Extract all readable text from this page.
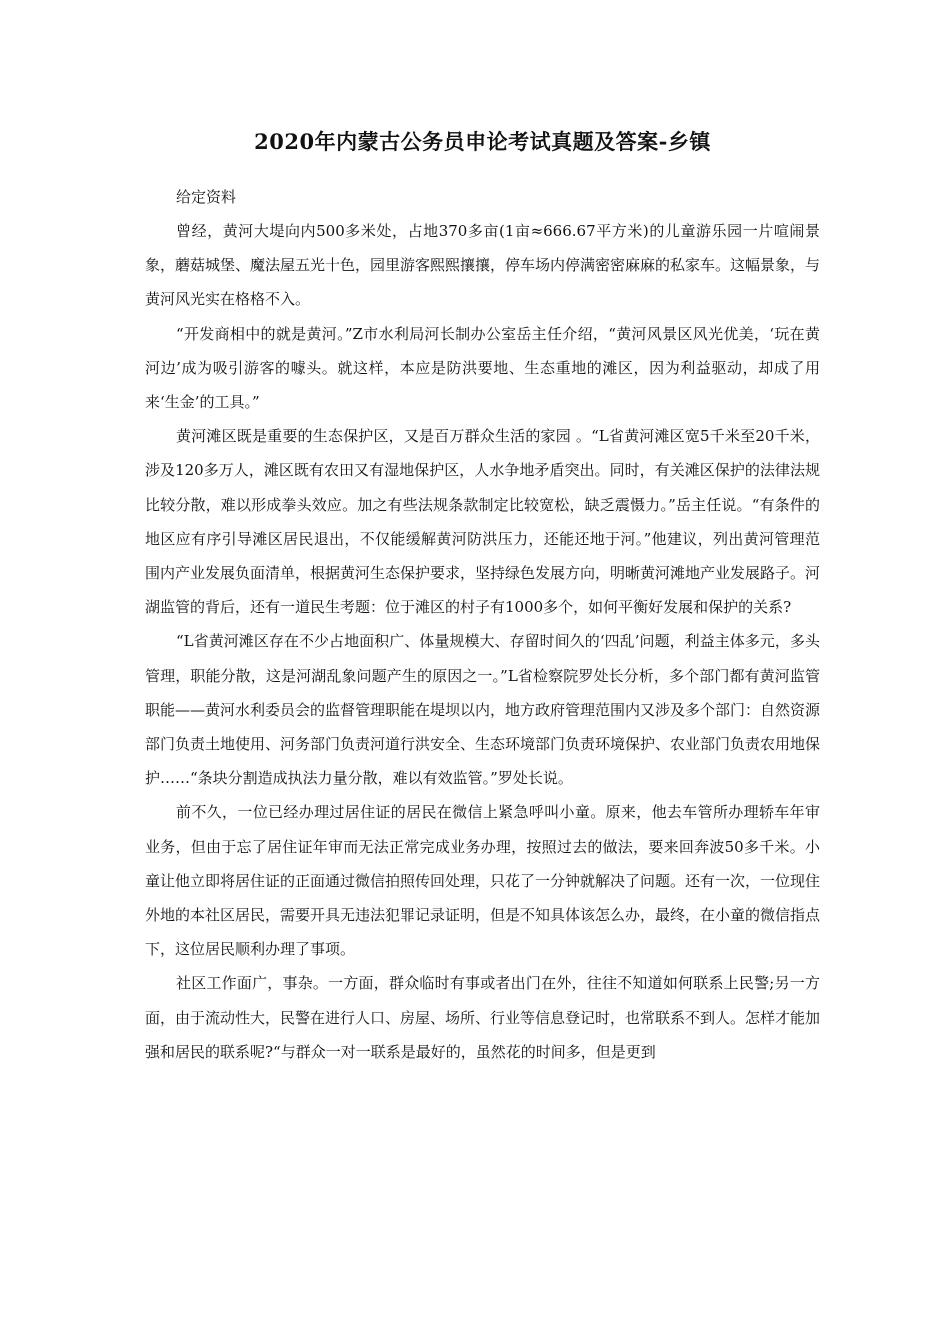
2020年内蒙古公务员申论考试真题及答案-乡镇

给定资料

曾经，黄河大堤向内500多米处，占地370多亩(1亩≈666.67平方米)的儿童游乐园一片喧闹景象，蘑菇城堡、魔法屋五光十色，园里游客熙熙攘攘，停车场内停满密密麻麻的私家车。这幅景象，与黄河风光实在格格不入。

“开发商相中的就是黄河。”Z市水利局河长制办公室岳主任介绍，“黄河风景区风光优美，‘玩在黄河边’成为吸引游客的噱头。就这样，本应是防洪要地、生态重地的滩区，因为利益驱动，却成了用来‘生金’的工具。”

黄河滩区既是重要的生态保护区，又是百万群众生活的家园 。“L省黄河滩区宽5千米至20千米，涉及120多万人，滩区既有农田又有湿地保护区，人水争地矛盾突出。同时，有关滩区保护的法律法规比较分散，难以形成拳头效应。加之有些法规条款制定比较宽松，缺乏震慑力。”岳主任说。“有条件的地区应有序引导滩区居民退出，不仅能缓解黄河防洪压力，还能还地于河。”他建议，列出黄河管理范围内产业发展负面清单，根据黄河生态保护要求，坚持绿色发展方向，明晰黄河滩地产业发展路子。河湖监管的背后，还有一道民生考题：位于滩区的村子有1000多个，如何平衡好发展和保护的关系?

“L省黄河滩区存在不少占地面积广、体量规模大、存留时间久的‘四乱’问题，利益主体多元，多头管理，职能分散，这是河湖乱象问题产生的原因之一。”L省检察院罗处长分析，多个部门都有黄河监管职能——黄河水利委员会的监督管理职能在堤坝以内，地方政府管理范围内又涉及多个部门：自然资源部门负责土地使用、河务部门负责河道行洪安全、生态环境部门负责环境保护、农业部门负责农用地保护……“条块分割造成执法力量分散，难以有效监管。”罗处长说。

前不久，一位已经办理过居住证的居民在微信上紧急呼叫小童。原来，他去车管所办理轿车年审业务，但由于忘了居住证年审而无法正常完成业务办理，按照过去的做法，要来回奔波50多千米。小童让他立即将居住证的正面通过微信拍照传回处理，只花了一分钟就解决了问题。还有一次，一位现住外地的本社区居民，需要开具无违法犯罪记录证明，但是不知具体该怎么办，最终，在小童的微信指点下，这位居民顺利办理了事项。

社区工作面广，事杂。一方面，群众临时有事或者出门在外，往往不知道如何联系上民警;另一方面，由于流动性大，民警在进行人口、房屋、场所、行业等信息登记时，也常联系不到人。怎样才能加强和居民的联系呢?“与群众一对一联系是最好的，虽然花的时间多，但是更到
